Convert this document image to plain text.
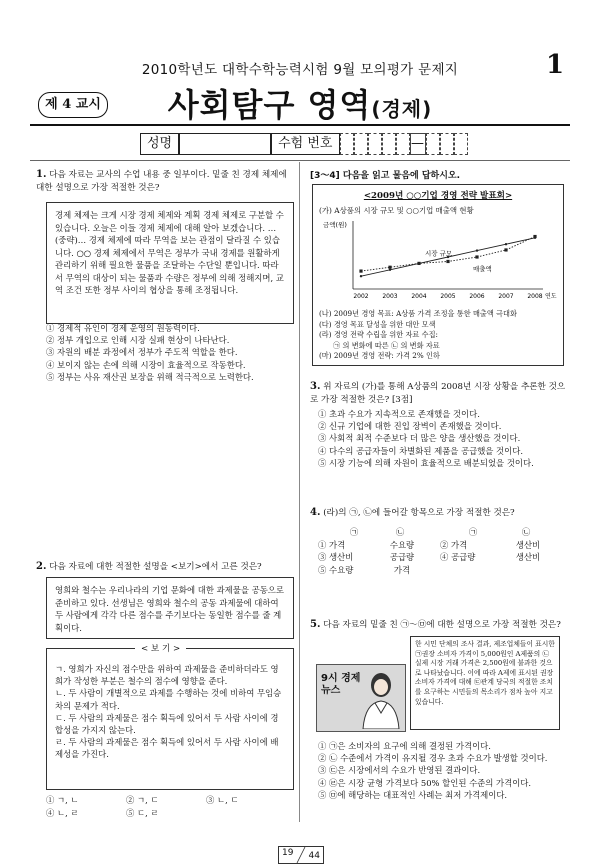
2010학년도 대학수학능력시험 9월 모의평가 문제지	1
제 4 교시	사회탐구 영역(경제)
성명	수험 번호	—
1. 다음 자료는 교사의 수업 내용 중 일부이다. 밑줄 친 경제 체제에 대한 설명으로 가장 적절한 것은?
경제 체제는 크게 시장 경제 체제와 계획 경제 체제로 구분할 수 있습니다. 오늘은 이들 경제 체제에 대해 알아 보겠습니다. …(중략)… 경제 체제에 따라 무역을 보는 관점이 달라질 수 있습니다. ○○ 경제 체제에서 무역은 정부가 국내 경제를 원활하게 관리하기 위해 필요한 물품을 조달하는 수단일 뿐입니다. 따라서 무역의 대상이 되는 물품과 수량은 정부에 의해 정해지며, 교역 조건 또한 정부 사이의 협상을 통해 조정됩니다.
① 경제적 유인이 경제 운영의 원동력이다.
② 정부 개입으로 인해 시장 실패 현상이 나타난다.
③ 자원의 배분 과정에서 정부가 주도적 역할을 한다.
④ 보이지 않는 손에 의해 시장이 효율적으로 작동한다.
⑤ 정부는 사유 재산권 보장을 위해 적극적으로 노력한다.
2. 다음 자료에 대한 적절한 설명을 <보기>에서 고른 것은?
영희와 철수는 우리나라의 기업 문화에 대한 과제물을 공동으로 준비하고 있다. 선생님은 영희와 철수의 공동 과제물에 대하여 두 사람에게 각각 다른 점수를 주기보다는 동일한 점수를 줄 계획이다.
ㄱ. 영희가 자신의 점수만을 위하여 과제물을 준비하더라도 영희가 작성한 부분은 철수의 점수에 영향을 준다.
ㄴ. 두 사람이 개별적으로 과제를 수행하는 것에 비하여 무임승차의 문제가 적다.
ㄷ. 두 사람의 과제물은 점수 획득에 있어서 두 사람 사이에 경합성을 가지지 않는다.
ㄹ. 두 사람의 과제물은 점수 획득에 있어서 두 사람 사이에 배제성을 가진다.
< 보 기 >
① ㄱ, ㄴ	② ㄱ, ㄷ	③ ㄴ, ㄷ
④ ㄴ, ㄹ	⑤ ㄷ, ㄹ
[3～4] 다음을 읽고 물음에 답하시오.
<2009년 ○○기업 경영 전략 발표회>
(가) A상품의 시장 규모 및 ○○기업 매출액 현황
금액(원)
2002 2003 2004 2005 2006 2007 2008 연도
시장 규모
매출액
(나) 2009년 경영 목표: A상품 가격 조정을 통한 매출액 극대화
(다) 경영 목표 달성을 위한 대안 모색
(라) 경영 전략 수립을 위한 자료 수집:
㉠ 의 변화에 따른 ㉡ 의 변화 자료
(마) 2009년 경영 전략: 가격 2% 인하
3. 위 자료의 (가)를 통해 A상품의 2008년 시장 상황을 추론한 것으로 가장 적절한 것은? [3점]
① 초과 수요가 지속적으로 존재했을 것이다.
② 신규 기업에 대한 진입 장벽이 존재했을 것이다.
③ 사회적 최적 수준보다 더 많은 양을 생산했을 것이다.
④ 다수의 공급자들이 차별화된 제품을 공급했을 것이다.
⑤ 시장 기능에 의해 자원이 효율적으로 배분되었을 것이다.
4. (라)의 ㉠, ㉡에 들어갈 항목으로 가장 적절한 것은?
㉠	㉡	㉠	㉡
① 가격	수요량	② 가격	생산비
③ 생산비	공급량	④ 공급량	생산비
⑤ 수요량	가격
5. 다음 자료의 밑줄 친 ㉠～㉤에 대한 설명으로 가장 적절한 것은?
9시 경제 뉴스
한 시민 단체의 조사 결과, 제조업체들이 표시한 ㉠권장 소비자 가격이 5,000원인 A제품의 ㉡실제 시장 거래 가격은 2,500원에 불과한 것으로 나타났습니다. 이에 따라 A제에 표시된 권장 소비자 가격에 대해 ㉢관계 당국의 적절한 조치를 요구하는 시민들의 목소리가 점차 높아 지고 있습니다.
① ㉠은 소비자의 요구에 의해 결정된 가격이다.
② ㉡ 수준에서 가격이 유지될 경우 초과 수요가 발생할 것이다.
③ ㉢은 시장에서의 수요가 반영된 결과이다.
④ ㉣은 시장 균형 가격보다 50% 할인된 수준의 가격이다.
⑤ ㉤에 해당하는 대표적인 사례는 최저 가격제이다.
19 44
